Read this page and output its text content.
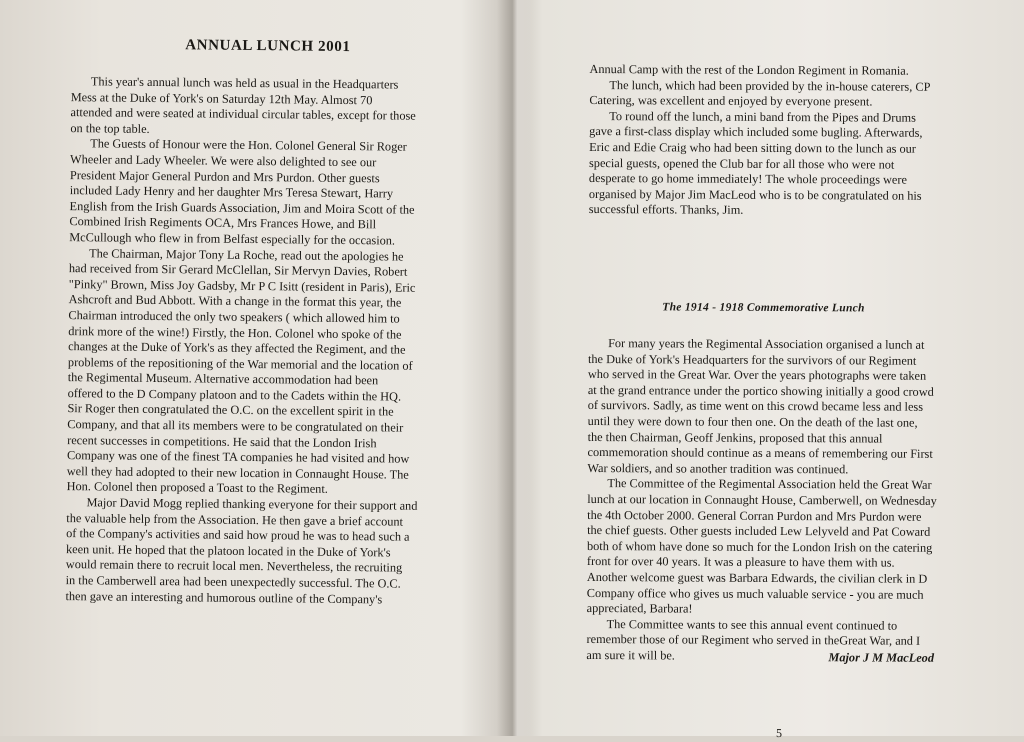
ANNUAL LUNCH 2001
This year's annual lunch was held as usual in the Headquarters
Mess at the Duke of York's on Saturday 12th May. Almost 70
attended and were seated at individual circular tables, except for those
on the top table.
The Guests of Honour were the Hon. Colonel General Sir Roger
Wheeler and Lady Wheeler. We were also delighted to see our
President Major General Purdon and Mrs Purdon. Other guests
included Lady Henry and her daughter Mrs Teresa Stewart, Harry
English from the Irish Guards Association, Jim and Moira Scott of the
Combined Irish Regiments OCA, Mrs Frances Howe, and Bill
McCullough who flew in from Belfast especially for the occasion.
The Chairman, Major Tony La Roche, read out the apologies he
had received from Sir Gerard McClellan, Sir Mervyn Davies, Robert
"Pinky" Brown, Miss Joy Gadsby, Mr P C Isitt (resident in Paris), Eric
Ashcroft and Bud Abbott. With a change in the format this year, the
Chairman introduced the only two speakers ( which allowed him to
drink more of the wine!) Firstly, the Hon. Colonel who spoke of the
changes at the Duke of York's as they affected the Regiment, and the
problems of the repositioning of the War memorial and the location of
the Regimental Museum. Alternative accommodation had been
offered to the D Company platoon and to the Cadets within the HQ.
Sir Roger then congratulated the O.C. on the excellent spirit in the
Company, and that all its members were to be congratulated on their
recent successes in competitions. He said that the London Irish
Company was one of the finest TA companies he had visited and how
well they had adopted to their new location in Connaught House. The
Hon. Colonel then proposed a Toast to the Regiment.
Major David Mogg replied thanking everyone for their support and
the valuable help from the Association. He then gave a brief account
of the Company's activities and said how proud he was to head such a
keen unit. He hoped that the platoon located in the Duke of York's
would remain there to recruit local men. Nevertheless, the recruiting
in the Camberwell area had been unexpectedly successful. The O.C.
then gave an interesting and humorous outline of the Company's
Annual Camp with the rest of the London Regiment in Romania.
The lunch, which had been provided by the in-house caterers, CP
Catering, was excellent and enjoyed by everyone present.
To round off the lunch, a mini band from the Pipes and Drums
gave a first-class display which included some bugling. Afterwards,
Eric and Edie Craig who had been sitting down to the lunch as our
special guests, opened the Club bar for all those who were not
desperate to go home immediately! The whole proceedings were
organised by Major Jim MacLeod who is to be congratulated on his
successful efforts. Thanks, Jim.
The 1914 - 1918 Commemorative Lunch
For many years the Regimental Association organised a lunch at
the Duke of York's Headquarters for the survivors of our Regiment
who served in the Great War. Over the years photographs were taken
at the grand entrance under the portico showing initially a good crowd
of survivors. Sadly, as time went on this crowd became less and less
until they were down to four then one. On the death of the last one,
the then Chairman, Geoff Jenkins, proposed that this annual
commemoration should continue as a means of remembering our First
War soldiers, and so another tradition was continued.
The Committee of the Regimental Association held the Great War
lunch at our location in Connaught House, Camberwell, on Wednesday
the 4th October 2000. General Corran Purdon and Mrs Purdon were
the chief guests. Other guests included Lew Lelyveld and Pat Coward
both of whom have done so much for the London Irish on the catering
front for over 40 years. It was a pleasure to have them with us.
Another welcome guest was Barbara Edwards, the civilian clerk in D
Company office who gives us much valuable service - you are much
appreciated, Barbara!
The Committee wants to see this annual event continued to
remember those of our Regiment who served in theGreat War, and I
am sure it will be.	Major J M MacLeod
5
